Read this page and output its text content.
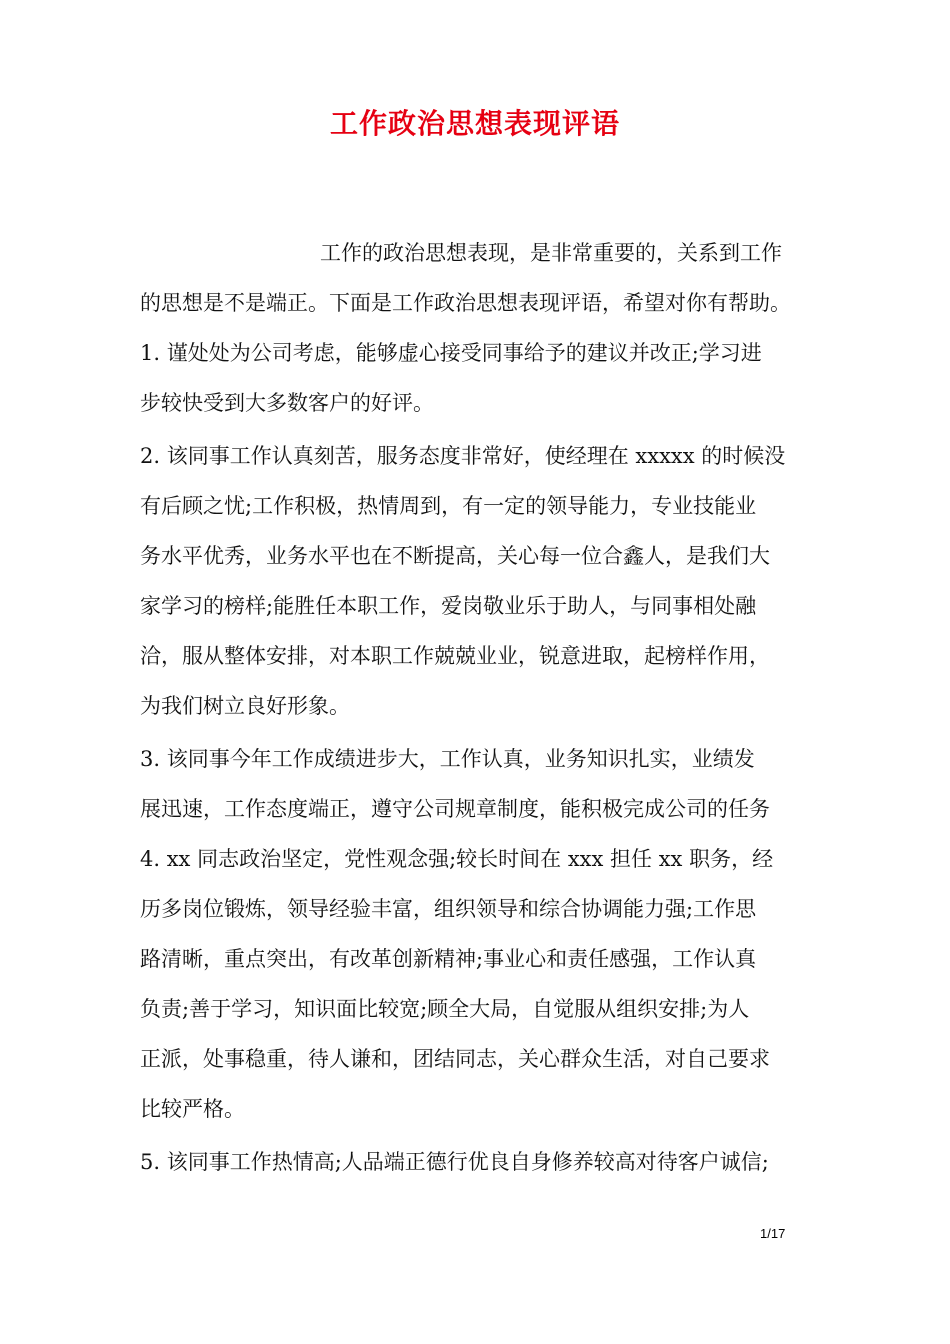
工作政治思想表现评语
工作的政治思想表现，是非常重要的，关系到工作
的思想是不是端正。下面是工作政治思想表现评语，希望对你有帮助。
1. 谨处处为公司考虑，能够虚心接受同事给予的建议并改正;学习进
步较快受到大多数客户的好评。
2. 该同事工作认真刻苦，服务态度非常好，使经理在 xxxxx 的时候没
有后顾之忧;工作积极，热情周到，有一定的领导能力，专业技能业
务水平优秀，业务水平也在不断提高，关心每一位合鑫人，是我们大
家学习的榜样;能胜任本职工作，爱岗敬业乐于助人，与同事相处融
洽，服从整体安排，对本职工作兢兢业业，锐意进取，起榜样作用，
为我们树立良好形象。
3. 该同事今年工作成绩进步大，工作认真，业务知识扎实，业绩发
展迅速，工作态度端正，遵守公司规章制度，能积极完成公司的任务
4. xx 同志政治坚定，党性观念强;较长时间在 xxx 担任 xx 职务，经
历多岗位锻炼，领导经验丰富，组织领导和综合协调能力强;工作思
路清晰，重点突出，有改革创新精神;事业心和责任感强，工作认真
负责;善于学习，知识面比较宽;顾全大局，自觉服从组织安排;为人
正派，处事稳重，待人谦和，团结同志，关心群众生活，对自己要求
比较严格。
5. 该同事工作热情高;人品端正德行优良自身修养较高对待客户诚信;
1/17
